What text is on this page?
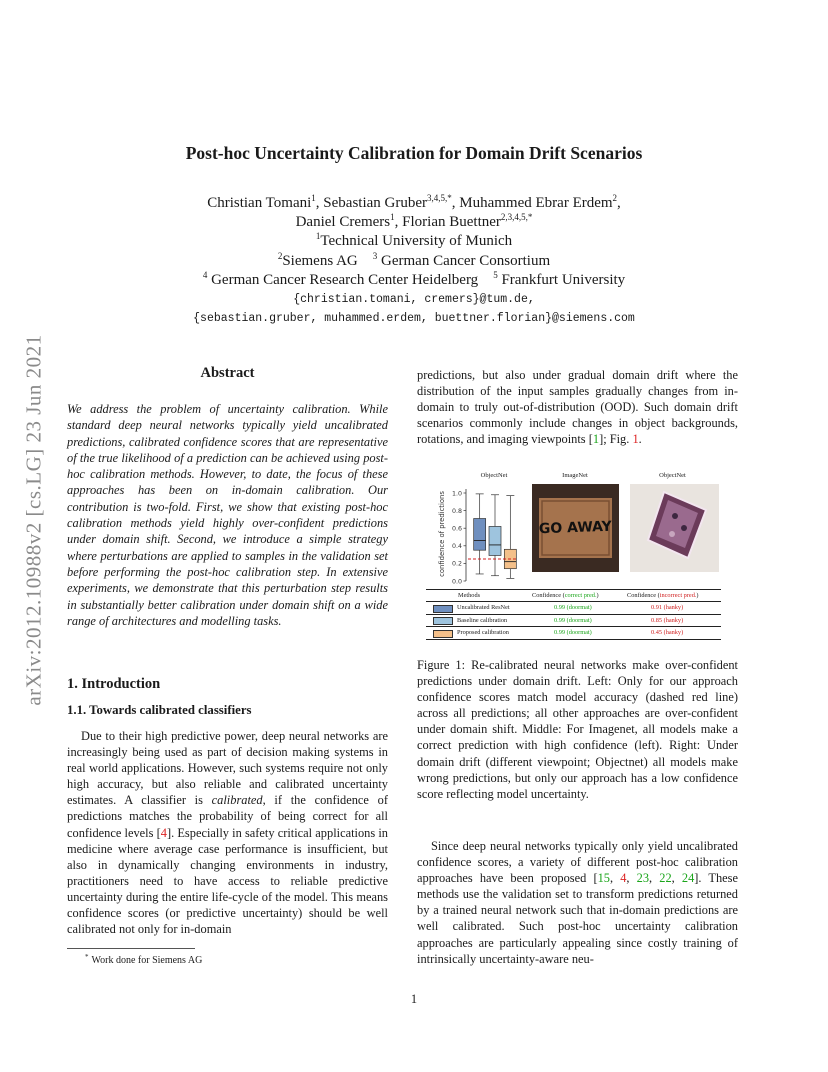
arXiv:2012.10988v2 [cs.LG] 23 Jun 2021
Post-hoc Uncertainty Calibration for Domain Drift Scenarios
Christian Tomani$^1$, Sebastian Gruber$^{3,4,5,*}$, Muhammed Ebrar Erdem$^2$,
Daniel Cremers$^1$, Florian Buettner$^{2,3,4,5,*}$
$^1$Technical University of Munich
$^2$Siemens AG $^3$ German Cancer Consortium
$^4$ German Cancer Research Center Heidelberg $^5$ Frankfurt University
{christian.tomani, cremers}@tum.de,
{sebastian.gruber, muhammed.erdem, buettner.florian}@siemens.com
Abstract
We address the problem of uncertainty calibration. While standard deep neural networks typically yield uncalibrated predictions, calibrated confidence scores that are representative of the true likelihood of a prediction can be achieved using post-hoc calibration methods. However, to date, the focus of these approaches has been on in-domain calibration. Our contribution is two-fold. First, we show that existing post-hoc calibration methods yield highly over-confident predictions under domain shift. Second, we introduce a simple strategy where perturbations are applied to samples in the validation set before performing the post-hoc calibration step. In extensive experiments, we demonstrate that this perturbation step results in substantially better calibration under domain shift on a wide range of architectures and modelling tasks.
1. Introduction
1.1. Towards calibrated classifiers
Due to their high predictive power, deep neural networks are increasingly being used as part of decision making systems in real world applications. However, such systems require not only high accuracy, but also reliable and calibrated uncertainty estimates. A classifier is calibrated, if the confidence of predictions matches the probability of being correct for all confidence levels [4]. Especially in safety critical applications in medicine where average case performance is insufficient, but also in dynamically changing environments in industry, practitioners need to have access to reliable predictive uncertainty during the entire life-cycle of the model. This means confidence scores (or predictive uncertainty) should be well calibrated not only for in-domain
* Work done for Siemens AG
predictions, but also under gradual domain drift where the distribution of the input samples gradually changes from in-domain to truly out-of-distribution (OOD). Such domain drift scenarios commonly include changes in object backgrounds, rotations, and imaging viewpoints [1]; Fig. 1.
ObjectNet	ImageNet	ObjectNet
confidence of predictions
0.0
0.2
0.4
0.6
0.8
1.0
GO AWAY
Methods	Confidence (correct pred.)	Confidence (incorrect pred.)
Uncalibrated ResNet	0.99 (doormat)	0.91 (hanky)
Baseline calibration	0.99 (doormat)	0.85 (hanky)
Proposed calibration	0.99 (doormat)	0.45 (hanky)
Figure 1: Re-calibrated neural networks make over-confident predictions under domain drift. Left: Only for our approach confidence scores match model accuracy (dashed red line) across all predictions; all other approaches are over-confident under domain shift. Middle: For Imagenet, all models make a correct prediction with high confidence (left). Right: Under domain drift (different viewpoint; Objectnet) all models make wrong predictions, but only our approach has a low confidence score reflecting model uncertainty.
Since deep neural networks typically only yield uncalibrated confidence scores, a variety of different post-hoc calibration approaches have been proposed [15, 4, 23, 22, 24]. These methods use the validation set to transform predictions returned by a trained neural network such that in-domain predictions are well calibrated. Such post-hoc uncertainty calibration approaches are particularly appealing since costly training of intrinsically uncertainty-aware neu-
1
